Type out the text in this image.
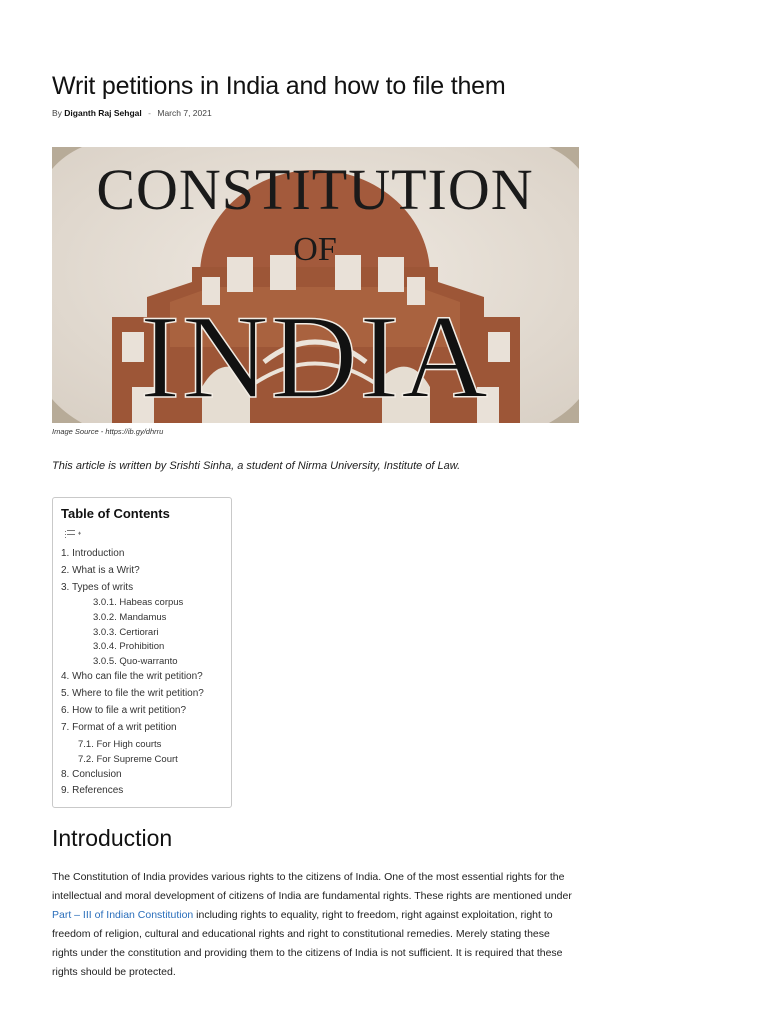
Writ petitions in India and how to file them
By Diganth Raj Sehgal - March 7, 2021
CONSTITUTION
OF
INDIA
Image Source - https://ib.gy/dhrru
This article is written by Srishti Sinha, a student of Nirma University, Institute of Law.
Table of Contents
♦
1. Introduction
2. What is a Writ?
3. Types of writs
3.0.1. Habeas corpus
3.0.2. Mandamus
3.0.3. Certiorari
3.0.4. Prohibition
3.0.5. Quo-warranto
4. Who can file the writ petition?
5. Where to file the writ petition?
6. How to file a writ petition?
7. Format of a writ petition
7.1. For High courts
7.2. For Supreme Court
8. Conclusion
9. References
Introduction

The Constitution of India provides various rights to the citizens of India. One of the most essential rights for the intellectual and moral development of citizens of India are fundamental rights. These rights are mentioned under Part – III of Indian Constitution including rights to equality, right to freedom, right against exploitation, right to freedom of religion, cultural and educational rights and right to constitutional remedies. Merely stating these rights under the constitution and providing them to the citizens of India is not sufficient. It is required that these rights should be protected.
